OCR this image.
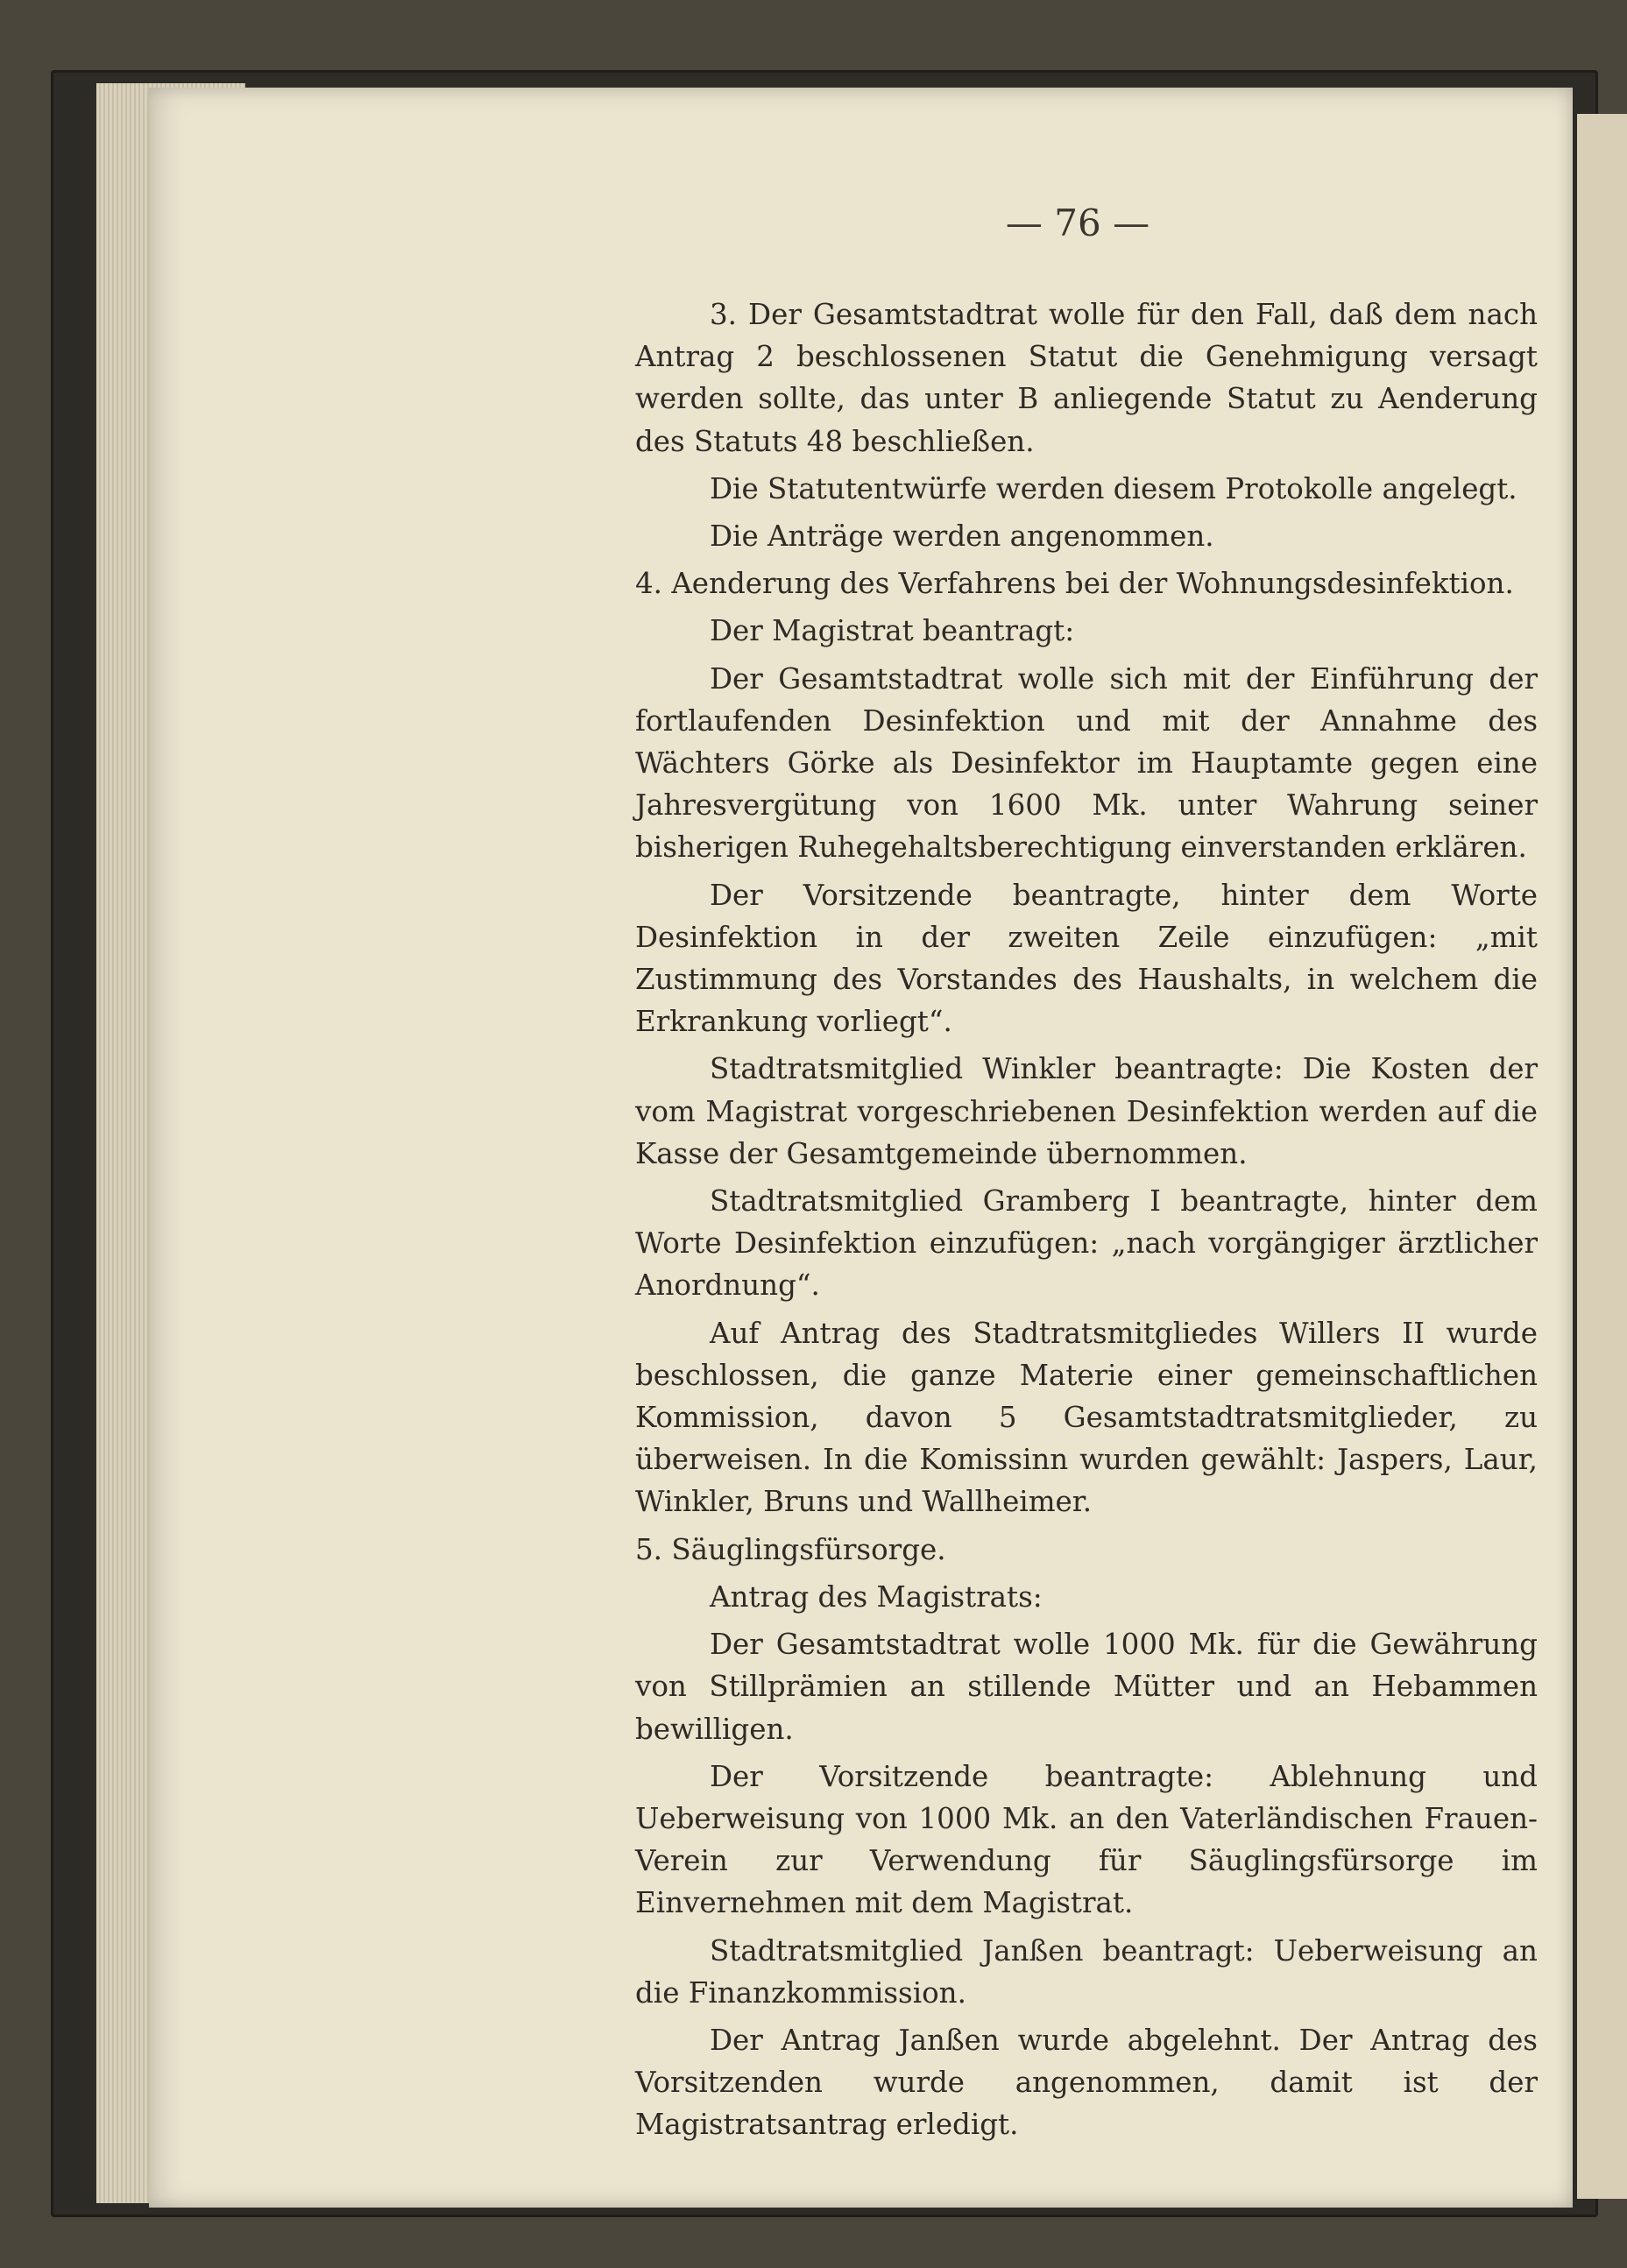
— 76 —

3. Der Gesamtstadtrat wolle für den Fall, daß dem nach Antrag 2 beschlossenen Statut die Genehmigung versagt werden sollte, das unter B anliegende Statut zu Aenderung des Statuts 48 beschließen.

Die Statutentwürfe werden diesem Protokolle angelegt.

Die Anträge werden angenommen.

4. Aenderung des Verfahrens bei der Wohnungsdesinfektion.

Der Magistrat beantragt:

Der Gesamtstadtrat wolle sich mit der Einführung der fortlaufenden Desinfektion und mit der Annahme des Wächters Görke als Desinfektor im Hauptamte gegen eine Jahresvergütung von 1600 Mk. unter Wahrung seiner bisherigen Ruhegehaltsberechtigung einverstanden erklären.

Der Vorsitzende beantragte, hinter dem Worte Desinfektion in der zweiten Zeile einzufügen: „mit Zustimmung des Vorstandes des Haushalts, in welchem die Erkrankung vorliegt“.

Stadtratsmitglied Winkler beantragte: Die Kosten der vom Magistrat vorgeschriebenen Desinfektion werden auf die Kasse der Gesamtgemeinde übernommen.

Stadtratsmitglied Gramberg I beantragte, hinter dem Worte Desinfektion einzufügen: „nach vorgängiger ärztlicher Anordnung“.

Auf Antrag des Stadtratsmitgliedes Willers II wurde beschlossen, die ganze Materie einer gemeinschaftlichen Kommission, davon 5 Gesamtstadtratsmitglieder, zu überweisen. In die Komissinn wurden gewählt: Jaspers, Laur, Winkler, Bruns und Wallheimer.

5. Säuglingsfürsorge.

Antrag des Magistrats:

Der Gesamtstadtrat wolle 1000 Mk. für die Gewährung von Stillprämien an stillende Mütter und an Hebammen bewilligen.

Der Vorsitzende beantragte: Ablehnung und Ueberweisung von 1000 Mk. an den Vaterländischen Frauen-Verein zur Verwendung für Säuglingsfürsorge im Einvernehmen mit dem Magistrat.

Stadtratsmitglied Janßen beantragt: Ueberweisung an die Finanzkommission.

Der Antrag Janßen wurde abgelehnt. Der Antrag des Vorsitzenden wurde angenommen, damit ist der Magistratsantrag erledigt.
